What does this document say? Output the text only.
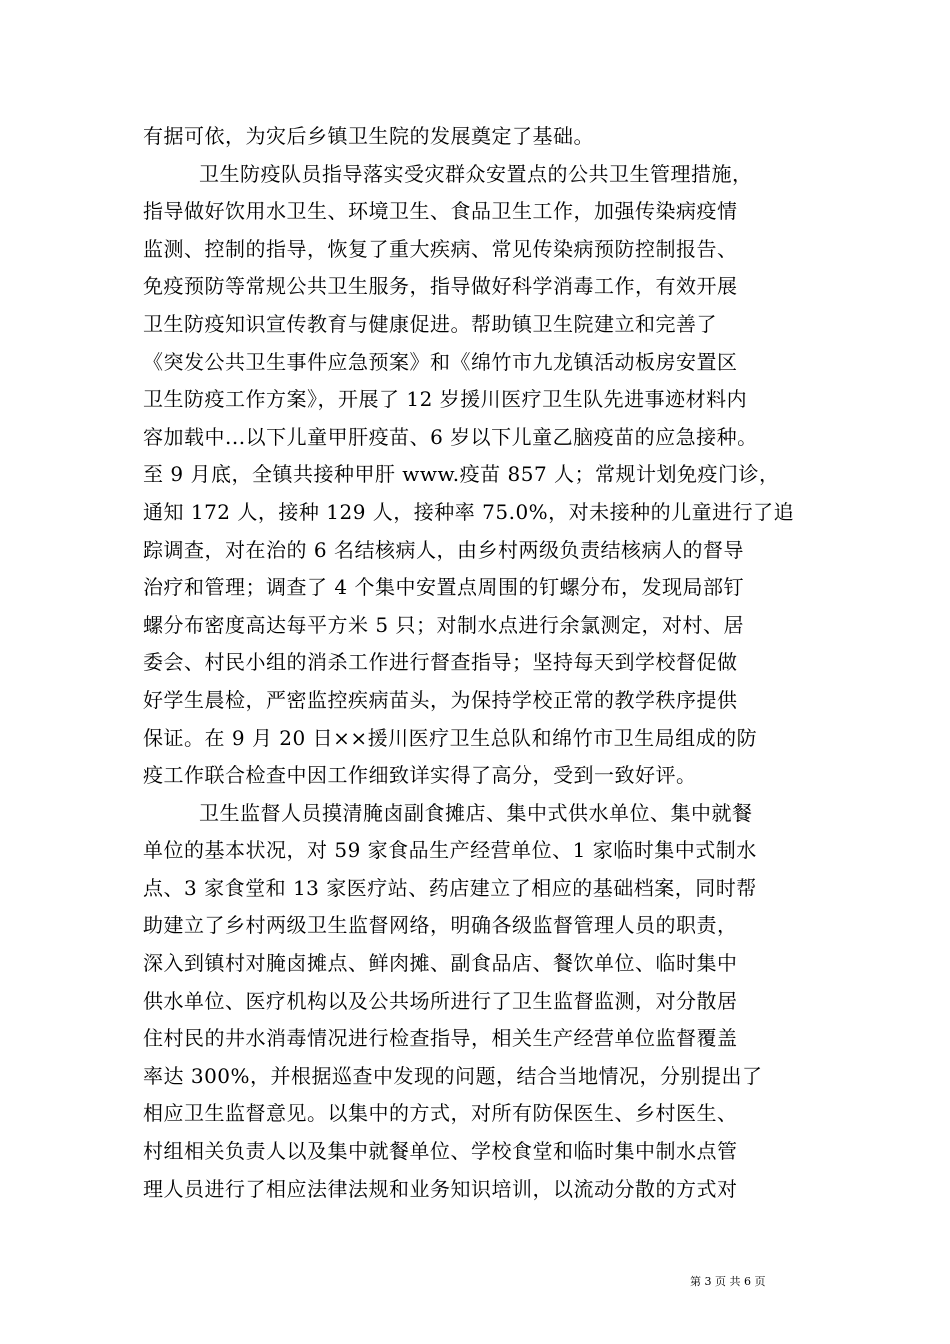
有据可依，为灾后乡镇卫生院的发展奠定了基础。
卫生防疫队员指导落实受灾群众安置点的公共卫生管理措施，
指导做好饮用水卫生、环境卫生、食品卫生工作，加强传染病疫情
监测、控制的指导，恢复了重大疾病、常见传染病预防控制报告、
免疫预防等常规公共卫生服务，指导做好科学消毒工作，有效开展
卫生防疫知识宣传教育与健康促进。帮助镇卫生院建立和完善了
《突发公共卫生事件应急预案》和《绵竹市九龙镇活动板房安置区
卫生防疫工作方案》，开展了 12 岁援川医疗卫生队先进事迹材料内
容加载中...以下儿童甲肝疫苗、6 岁以下儿童乙脑疫苗的应急接种。
至 9 月底，全镇共接种甲肝 www.疫苗 857 人；常规计划免疫门诊，
通知 172 人，接种 129 人，接种率 75.0%，对未接种的儿童进行了追
踪调查，对在治的 6 名结核病人，由乡村两级负责结核病人的督导
治疗和管理；调查了 4 个集中安置点周围的钉螺分布，发现局部钉
螺分布密度高达每平方米 5 只；对制水点进行余氯测定，对村、居
委会、村民小组的消杀工作进行督查指导；坚持每天到学校督促做
好学生晨检，严密监控疾病苗头，为保持学校正常的教学秩序提供
保证。在 9 月 20 日××援川医疗卫生总队和绵竹市卫生局组成的防
疫工作联合检查中因工作细致详实得了高分，受到一致好评。
卫生监督人员摸清腌卤副食摊店、集中式供水单位、集中就餐
单位的基本状况，对 59 家食品生产经营单位、1 家临时集中式制水
点、3 家食堂和 13 家医疗站、药店建立了相应的基础档案，同时帮
助建立了乡村两级卫生监督网络，明确各级监督管理人员的职责，
深入到镇村对腌卤摊点、鲜肉摊、副食品店、餐饮单位、临时集中
供水单位、医疗机构以及公共场所进行了卫生监督监测，对分散居
住村民的井水消毒情况进行检查指导，相关生产经营单位监督覆盖
率达 300%，并根据巡查中发现的问题，结合当地情况，分别提出了
相应卫生监督意见。以集中的方式，对所有防保医生、乡村医生、
村组相关负责人以及集中就餐单位、学校食堂和临时集中制水点管
理人员进行了相应法律法规和业务知识培训，以流动分散的方式对
第 3 页 共 6 页
